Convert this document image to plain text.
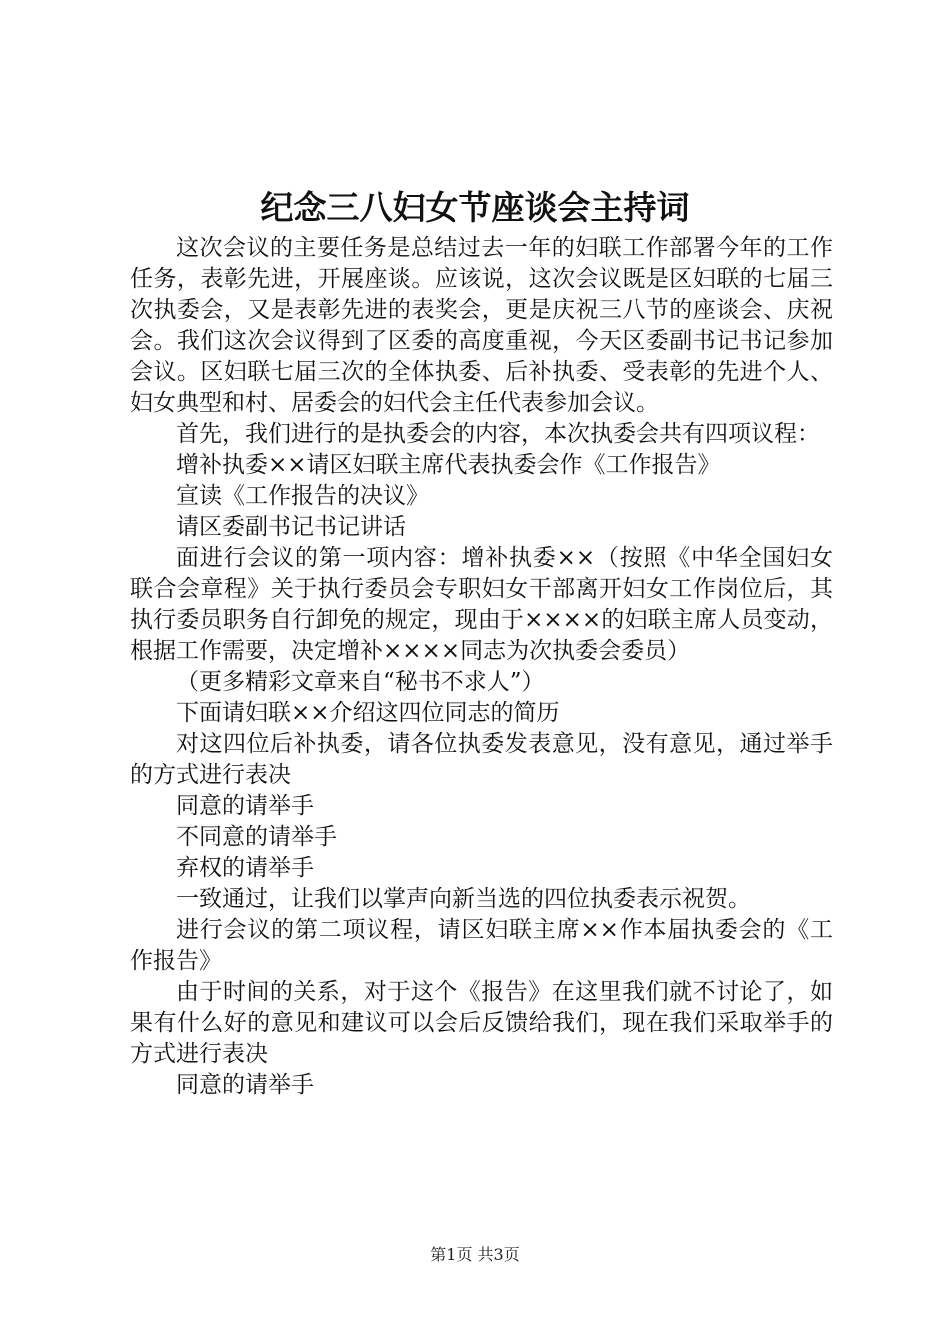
纪念三八妇女节座谈会主持词

这次会议的主要任务是总结过去一年的妇联工作部署今年的工作任务，表彰先进，开展座谈。应该说，这次会议既是区妇联的七届三次执委会，又是表彰先进的表奖会，更是庆祝三八节的座谈会、庆祝会。我们这次会议得到了区委的高度重视，今天区委副书记书记参加会议。区妇联七届三次的全体执委、后补执委、受表彰的先进个人、妇女典型和村、居委会的妇代会主任代表参加会议。

首先，我们进行的是执委会的内容，本次执委会共有四项议程：

增补执委××请区妇联主席代表执委会作《工作报告》

宣读《工作报告的决议》

请区委副书记书记讲话

面进行会议的第一项内容：增补执委××（按照《中华全国妇女联合会章程》关于执行委员会专职妇女干部离开妇女工作岗位后，其执行委员职务自行卸免的规定，现由于××××的妇联主席人员变动，根据工作需要，决定增补××××同志为次执委会委员）

（更多精彩文章来自“秘书不求人”）

下面请妇联××介绍这四位同志的简历

对这四位后补执委，请各位执委发表意见，没有意见，通过举手的方式进行表决

同意的请举手

不同意的请举手

弃权的请举手

一致通过，让我们以掌声向新当选的四位执委表示祝贺。

进行会议的第二项议程，请区妇联主席××作本届执委会的《工作报告》

由于时间的关系，对于这个《报告》在这里我们就不讨论了，如果有什么好的意见和建议可以会后反馈给我们，现在我们采取举手的方式进行表决

同意的请举手

第1页 共3页
